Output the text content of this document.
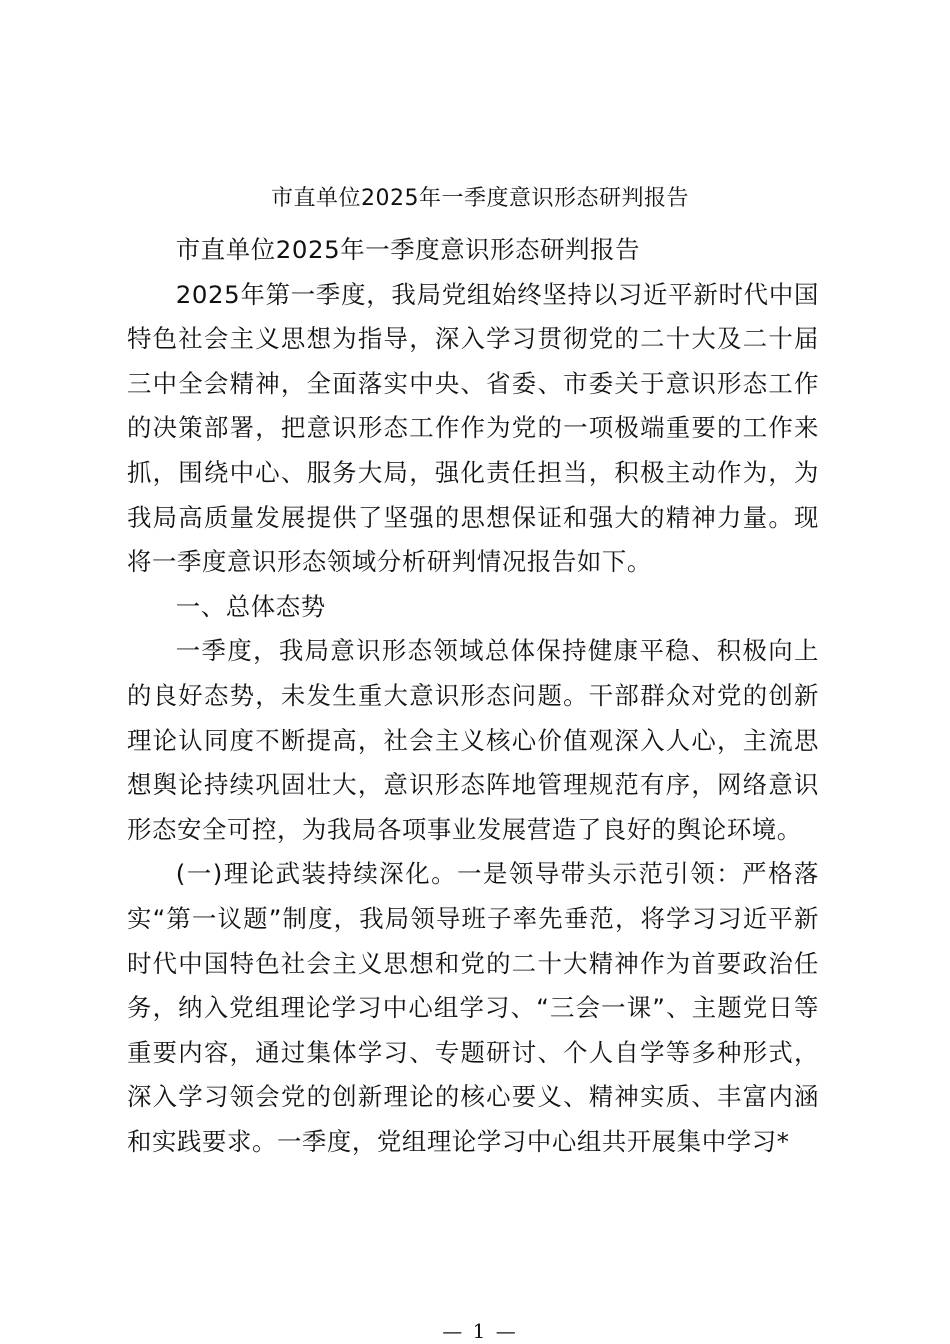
市直单位2025年一季度意识形态研判报告

市直单位2025年一季度意识形态研判报告

2025年第一季度，我局党组始终坚持以习近平新时代中国特色社会主义思想为指导，深入学习贯彻党的二十大及二十届三中全会精神，全面落实中央、省委、市委关于意识形态工作的决策部署，把意识形态工作作为党的一项极端重要的工作来抓，围绕中心、服务大局，强化责任担当，积极主动作为，为我局高质量发展提供了坚强的思想保证和强大的精神力量。现将一季度意识形态领域分析研判情况报告如下。

一、总体态势

一季度，我局意识形态领域总体保持健康平稳、积极向上的良好态势，未发生重大意识形态问题。干部群众对党的创新理论认同度不断提高，社会主义核心价值观深入人心，主流思想舆论持续巩固壮大，意识形态阵地管理规范有序，网络意识形态安全可控，为我局各项事业发展营造了良好的舆论环境。

(一)理论武装持续深化。一是领导带头示范引领：严格落实“第一议题”制度，我局领导班子率先垂范，将学习习近平新时代中国特色社会主义思想和党的二十大精神作为首要政治任务，纳入党组理论学习中心组学习、“三会一课”、主题党日等重要内容，通过集体学习、专题研讨、个人自学等多种形式，深入学习领会党的创新理论的核心要义、精神实质、丰富内涵和实践要求。一季度，党组理论学习中心组共开展集中学习*

— 1 —
